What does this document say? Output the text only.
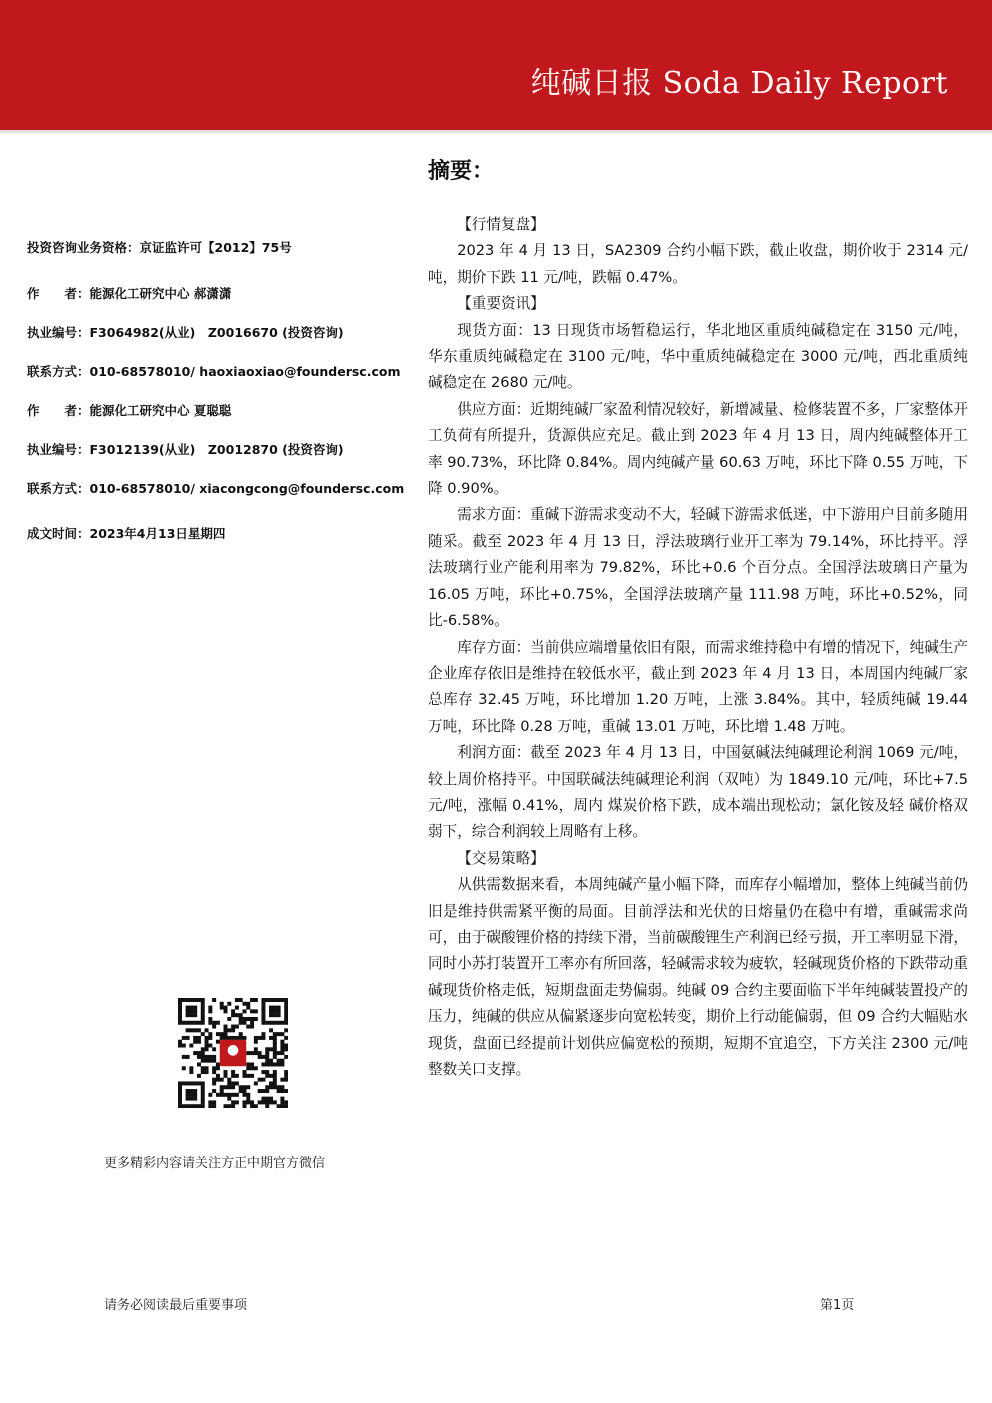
纯碱日报 Soda Daily Report
投资咨询业务资格：京证监许可【2012】75号
作　　者：能源化工研究中心 郝潇潇
执业编号：F3064982(从业)　Z0016670 (投资咨询)
联系方式：010-68578010/ haoxiaoxiao@foundersc.com
作　　者：能源化工研究中心 夏聪聪
执业编号：F3012139(从业)　Z0012870 (投资咨询)
联系方式：010-68578010/ xiacongcong@foundersc.com
成文时间：2023年4月13日星期四
更多精彩内容请关注方正中期官方微信
摘要：
【行情复盘】

2023 年 4 月 13 日，SA2309 合约小幅下跌，截止收盘，期价收于 2314 元/吨，期价下跌 11 元/吨，跌幅 0.47%。

【重要资讯】

现货方面：13 日现货市场暂稳运行，华北地区重质纯碱稳定在 3150 元/吨，华东重质纯碱稳定在 3100 元/吨，华中重质纯碱稳定在 3000 元/吨，西北重质纯碱稳定在 2680 元/吨。

供应方面：近期纯碱厂家盈利情况较好，新增减量、检修装置不多，厂家整体开工负荷有所提升，货源供应充足。截止到 2023 年 4 月 13 日，周内纯碱整体开工率 90.73%，环比降 0.84%。周内纯碱产量 60.63 万吨，环比下降 0.55 万吨，下降 0.90%。

需求方面：重碱下游需求变动不大，轻碱下游需求低迷，中下游用户目前多随用随采。截至 2023 年 4 月 13 日，浮法玻璃行业开工率为 79.14%，环比持平。浮法玻璃行业产能利用率为 79.82%，环比+0.6 个百分点。全国浮法玻璃日产量为 16.05 万吨，环比+0.75%，全国浮法玻璃产量 111.98 万吨，环比+0.52%，同比-6.58%。

库存方面：当前供应端增量依旧有限，而需求维持稳中有增的情况下，纯碱生产企业库存依旧是维持在较低水平，截止到 2023 年 4 月 13 日，本周国内纯碱厂家总库存 32.45 万吨，环比增加 1.20 万吨，上涨 3.84%。其中，轻质纯碱 19.44 万吨，环比降 0.28 万吨，重碱 13.01 万吨，环比增 1.48 万吨。

利润方面：截至 2023 年 4 月 13 日，中国氨碱法纯碱理论利润 1069 元/吨，较上周价格持平。中国联碱法纯碱理论利润（双吨）为 1849.10 元/吨，环比+7.5 元/吨，涨幅 0.41%，周内 煤炭价格下跌，成本端出现松动；氯化铵及轻 碱价格双弱下，综合利润较上周略有上移。

【交易策略】

从供需数据来看，本周纯碱产量小幅下降，而库存小幅增加，整体上纯碱当前仍旧是维持供需紧平衡的局面。目前浮法和光伏的日熔量仍在稳中有增，重碱需求尚可，由于碳酸锂价格的持续下滑，当前碳酸锂生产利润已经亏损，开工率明显下滑，同时小苏打装置开工率亦有所回落，轻碱需求较为疲软，轻碱现货价格的下跌带动重碱现货价格走低，短期盘面走势偏弱。纯碱 09 合约主要面临下半年纯碱装置投产的压力，纯碱的供应从偏紧逐步向宽松转变，期价上行动能偏弱，但 09 合约大幅贴水现货，盘面已经提前计划供应偏宽松的预期，短期不宜追空，下方关注 2300 元/吨整数关口支撑。

请务必阅读最后重要事项	第1页
